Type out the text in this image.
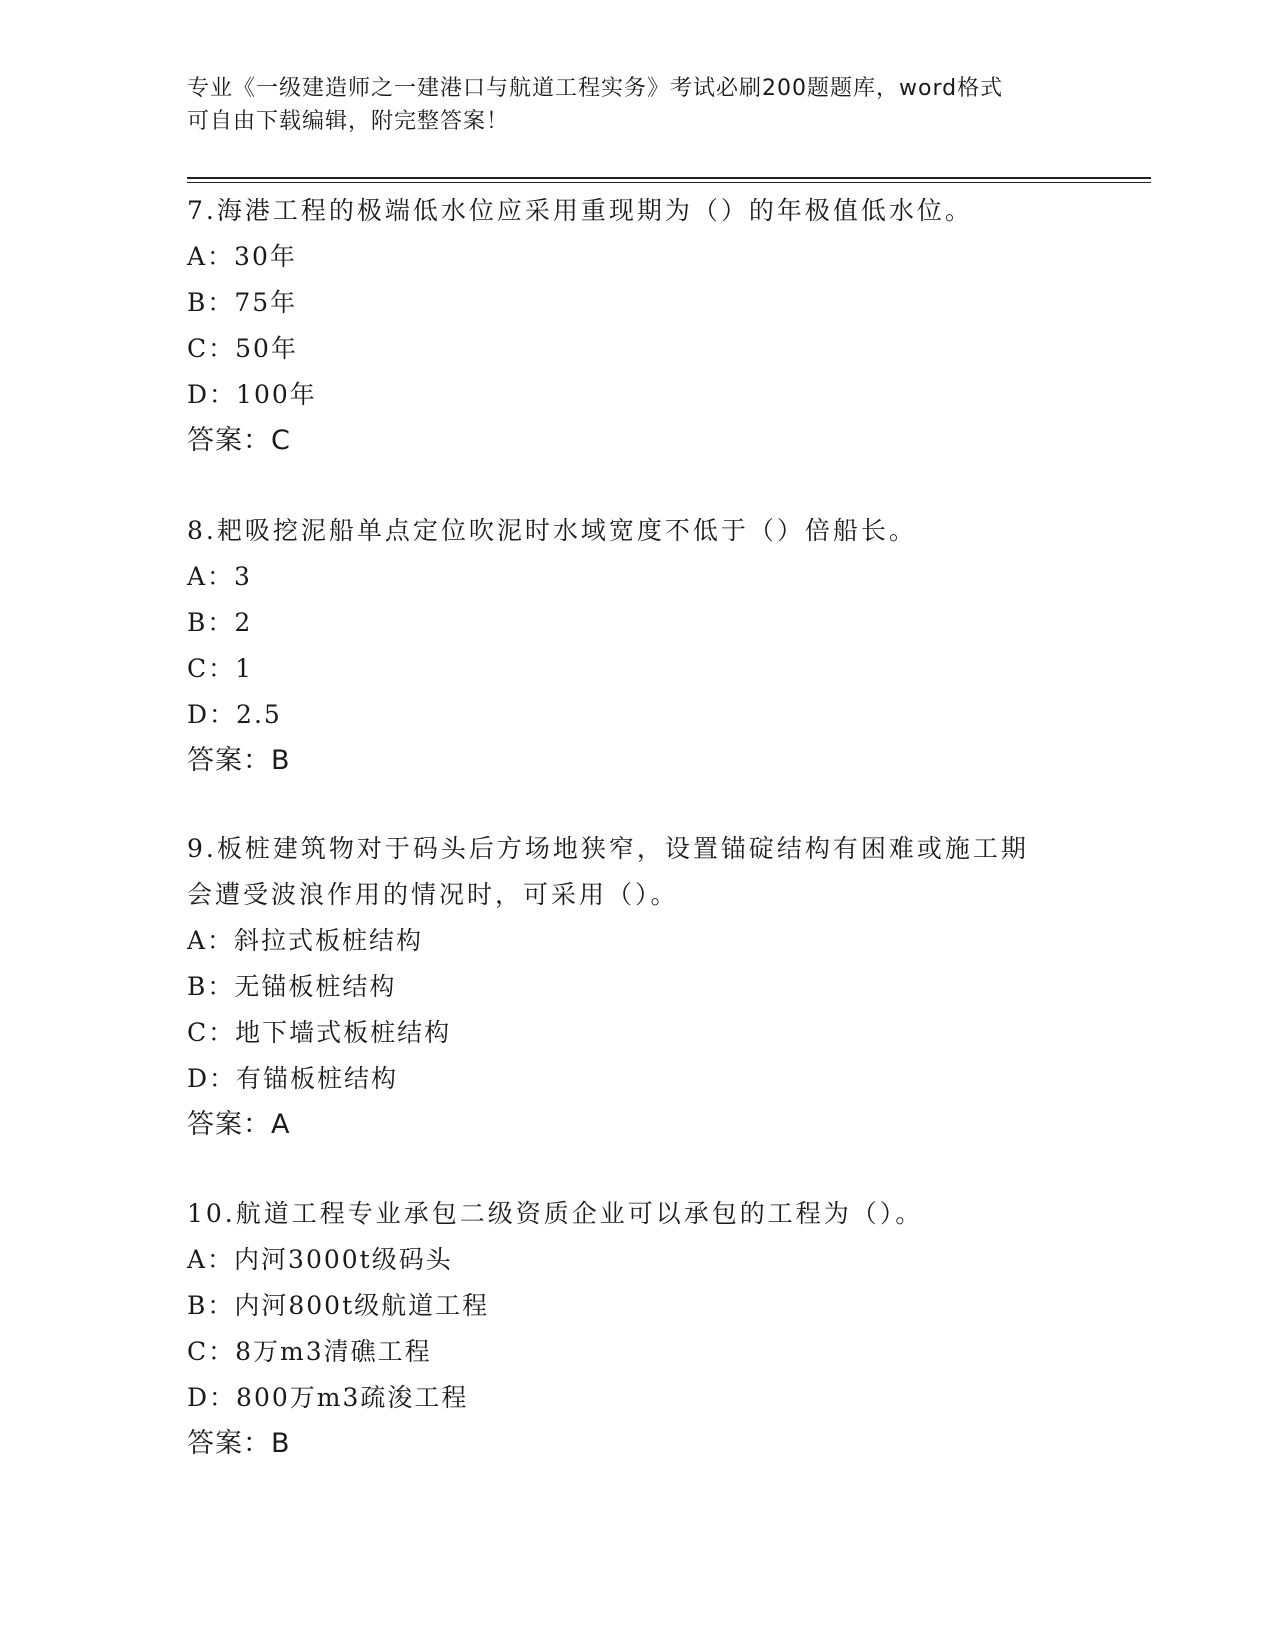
专业《一级建造师之一建港口与航道工程实务》考试必刷200题题库，word格式
可自由下载编辑，附完整答案！
7.海港工程的极端低水位应采用重现期为（）的年极值低水位。
A：30年
B：75年
C：50年
D：100年
答案：C
8.耙吸挖泥船单点定位吹泥时水域宽度不低于（）倍船长。
A：3
B：2
C：1
D：2.5
答案：B
9.板桩建筑物对于码头后方场地狭窄，设置锚碇结构有困难或施工期
会遭受波浪作用的情况时，可采用（）。
A：斜拉式板桩结构
B：无锚板桩结构
C：地下墙式板桩结构
D：有锚板桩结构
答案：A
10.航道工程专业承包二级资质企业可以承包的工程为（）。
A：内河3000t级码头
B：内河800t级航道工程
C：8万m3清礁工程
D：800万m3疏浚工程
答案：B
